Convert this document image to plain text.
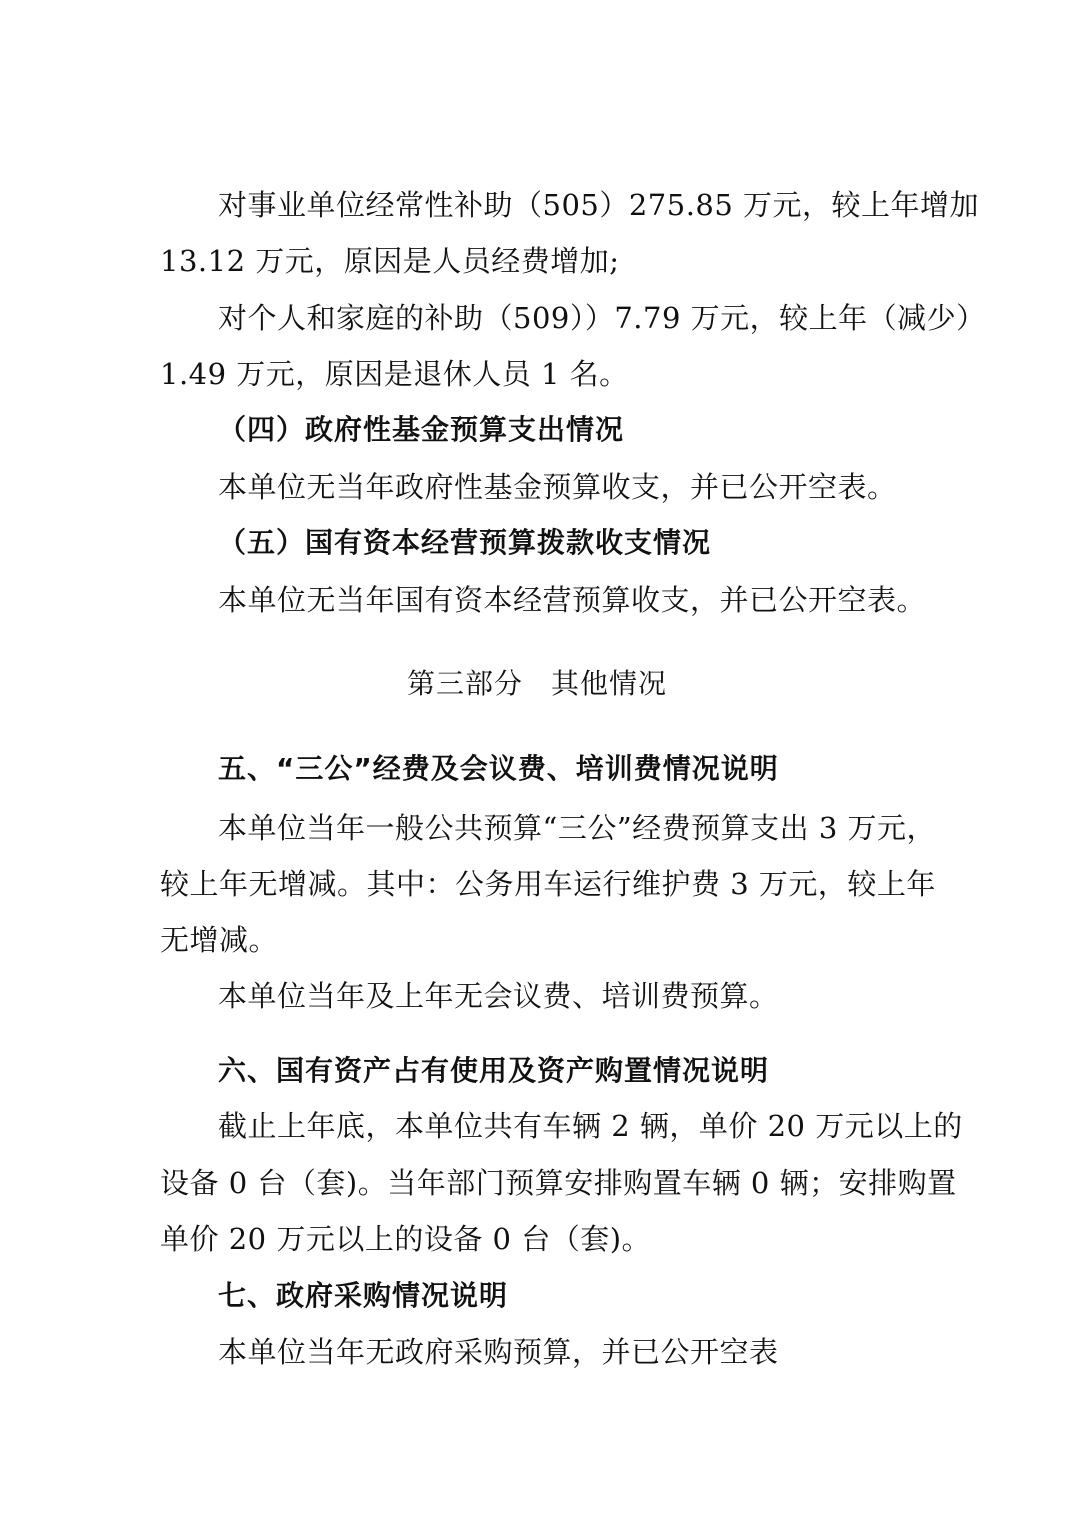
对事业单位经常性补助（505）275.85 万元，较上年增加
13.12 万元，原因是人员经费增加;
对个人和家庭的补助（509））7.79 万元，较上年（减少）
1.49 万元，原因是退休人员 1 名。
（四）政府性基金预算支出情况
本单位无当年政府性基金预算收支，并已公开空表。
（五）国有资本经营预算拨款收支情况
本单位无当年国有资本经营预算收支，并已公开空表。
第三部分 其他情况
五、“三公”经费及会议费、培训费情况说明
本单位当年一般公共预算“三公”经费预算支出 3 万元，
较上年无增减。其中：公务用车运行维护费 3 万元，较上年
无增减。
本单位当年及上年无会议费、培训费预算。
六、国有资产占有使用及资产购置情况说明
截止上年底，本单位共有车辆 2 辆，单价 20 万元以上的
设备 0 台（套)。当年部门预算安排购置车辆 0 辆；安排购置
单价 20 万元以上的设备 0 台（套)。
七、政府采购情况说明
本单位当年无政府采购预算，并已公开空表
